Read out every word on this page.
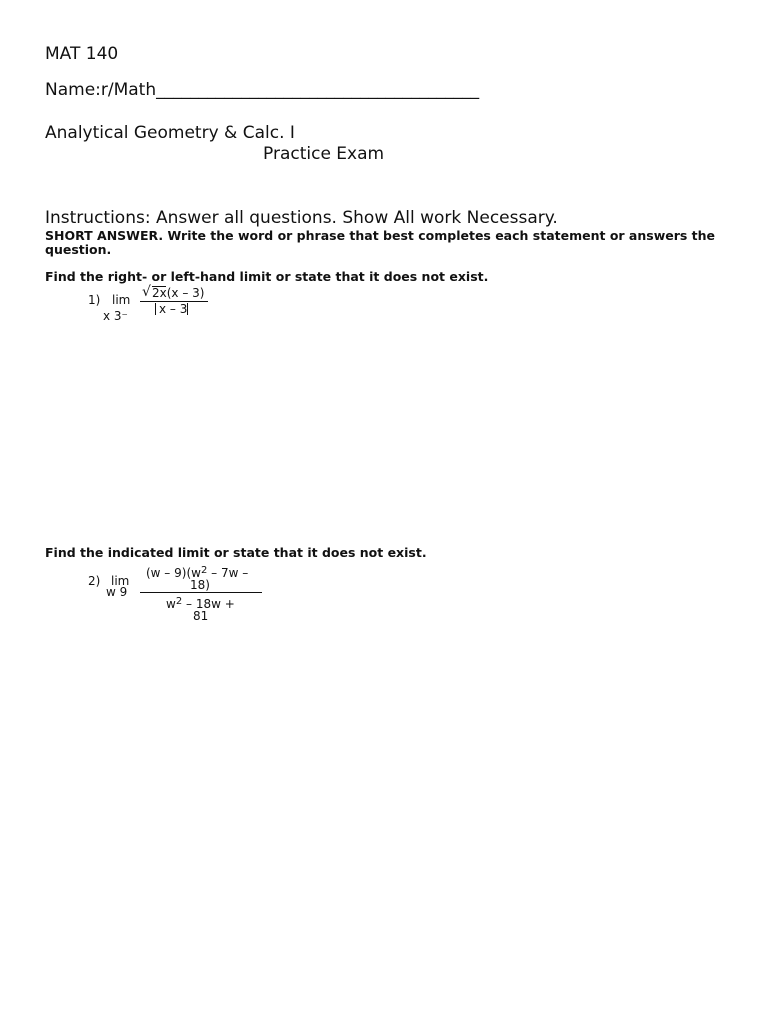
MAT 140
Name:r/Math______________________________________
Analytical Geometry & Calc. I
Practice Exam
Instructions: Answer all questions. Show All work Necessary.
SHORT ANSWER. Write the word or phrase that best completes each statement or answers the
question.
Find the right- or left-hand limit or state that it does not exist.
1) lim
x 3⁻
√ 2x(x – 3)
x – 3
Find the indicated limit or state that it does not exist.
2) lim
w 9
$(w - 9)(w^2 - 7w$ –
18)
$w^2 - 18w$ +
81
